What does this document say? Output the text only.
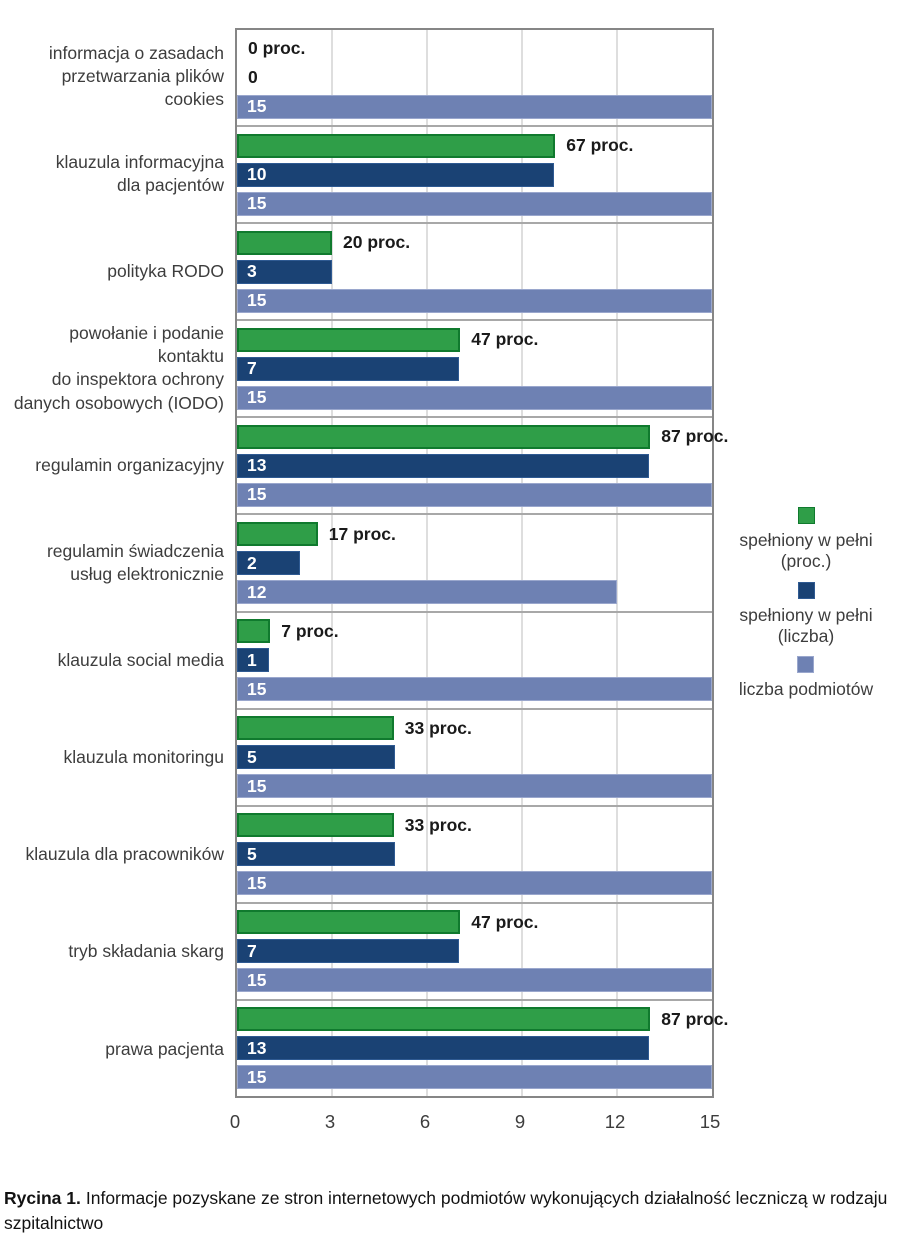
informacja o zasadach
przetwarzania plików cookies
klauzula informacyjna
dla pacjentów
polityka RODO
powołanie i podanie kontaktu
do inspektora ochrony
danych osobowych (IODO)
regulamin organizacyjny
regulamin świadczenia
usług elektronicznie
klauzula social media
klauzula monitoringu
klauzula dla pracowników
tryb składania skarg
prawa pacjenta
0 proc.
0
15
67 proc.
10
15
20 proc.
3
15
47 proc.
7
15
87 proc.
13
15
17 proc.
2
12
7 proc.
1
15
33 proc.
5
15
33 proc.
5
15
47 proc.
7
15
87 proc.
13
15
0	3	6	9	12	15
spełniony w pełni
(proc.)
spełniony w pełni
(liczba)
liczba podmiotów
Rycina 1. Informacje pozyskane ze stron internetowych podmiotów wykonujących działalność leczniczą w rodzaju szpitalnictwo
